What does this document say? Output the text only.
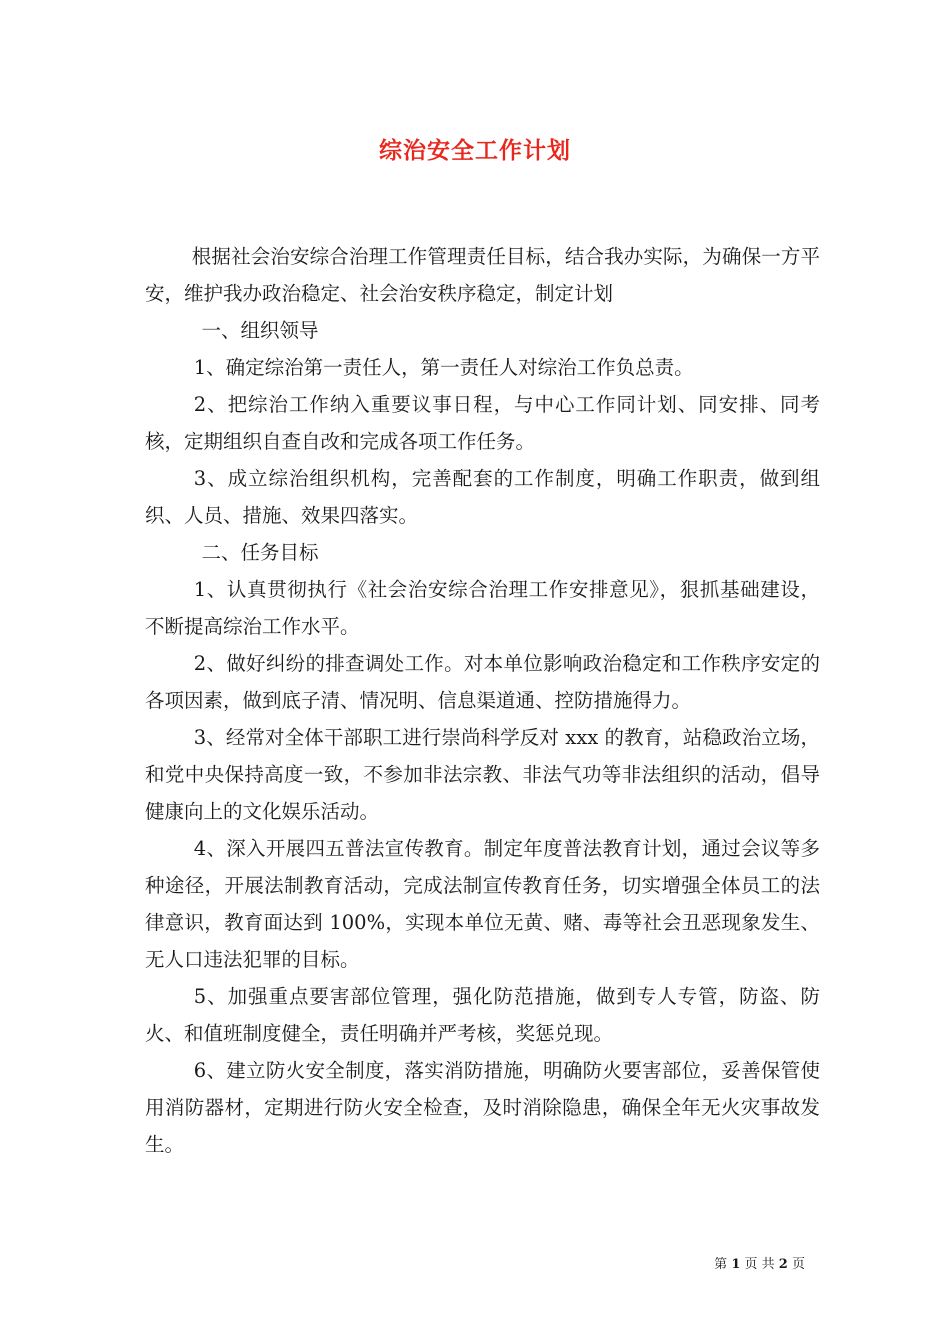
综治安全工作计划

根据社会治安综合治理工作管理责任目标，结合我办实际，为确保一方平安，维护我办政治稳定、社会治安秩序稳定，制定计划

一、组织领导

1、确定综治第一责任人，第一责任人对综治工作负总责。

2、把综治工作纳入重要议事日程，与中心工作同计划、同安排、同考核，定期组织自查自改和完成各项工作任务。

3、成立综治组织机构，完善配套的工作制度，明确工作职责，做到组织、人员、措施、效果四落实。

二、任务目标

1、认真贯彻执行《社会治安综合治理工作安排意见》，狠抓基础建设，不断提高综治工作水平。

2、做好纠纷的排查调处工作。对本单位影响政治稳定和工作秩序安定的各项因素，做到底子清、情况明、信息渠道通、控防措施得力。

3、经常对全体干部职工进行崇尚科学反对 xxx 的教育，站稳政治立场，和党中央保持高度一致，不参加非法宗教、非法气功等非法组织的活动，倡导健康向上的文化娱乐活动。

4、深入开展四五普法宣传教育。制定年度普法教育计划，通过会议等多种途径，开展法制教育活动，完成法制宣传教育任务，切实增强全体员工的法律意识，教育面达到 100%，实现本单位无黄、赌、毒等社会丑恶现象发生、无人口违法犯罪的目标。

5、加强重点要害部位管理，强化防范措施，做到专人专管，防盗、防火、和值班制度健全，责任明确并严考核，奖惩兑现。

6、建立防火安全制度，落实消防措施，明确防火要害部位，妥善保管使用消防器材，定期进行防火安全检查，及时消除隐患，确保全年无火灾事故发生。

第 1 页 共 2 页
